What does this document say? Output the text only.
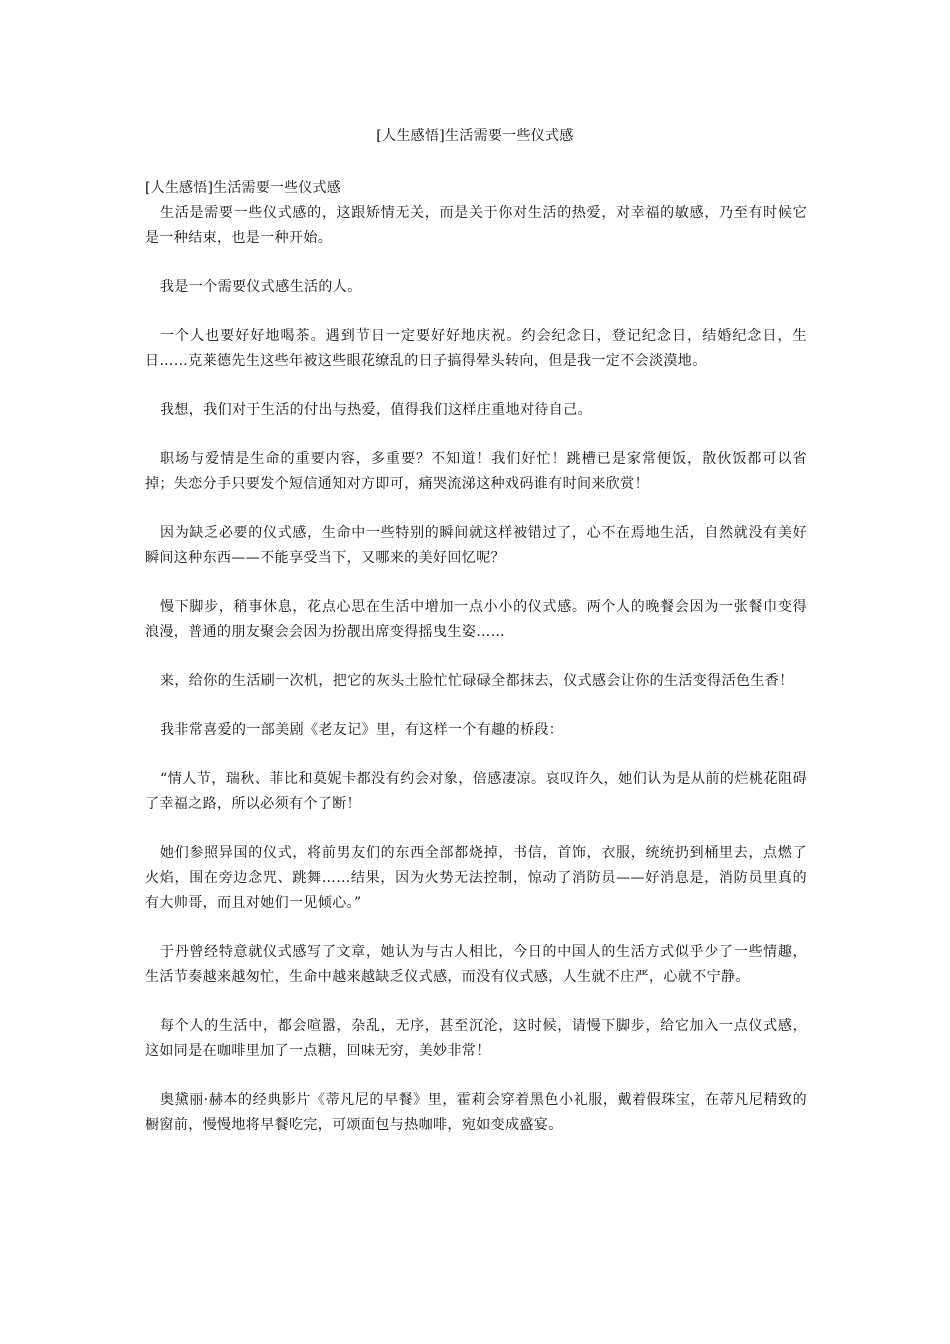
[人生感悟]生活需要一些仪式感

[人生感悟]生活需要一些仪式感

生活是需要一些仪式感的，这跟矫情无关，而是关于你对生活的热爱，对幸福的敏感，乃至有时候它是一种结束，也是一种开始。

我是一个需要仪式感生活的人。

一个人也要好好地喝茶。遇到节日一定要好好地庆祝。约会纪念日，登记纪念日，结婚纪念日，生日……克莱德先生这些年被这些眼花缭乱的日子搞得晕头转向，但是我一定不会淡漠地。

我想，我们对于生活的付出与热爱，值得我们这样庄重地对待自己。

职场与爱情是生命的重要内容，多重要？不知道！我们好忙！跳槽已是家常便饭，散伙饭都可以省掉；失恋分手只要发个短信通知对方即可，痛哭流涕这种戏码谁有时间来欣赏！

因为缺乏必要的仪式感，生命中一些特别的瞬间就这样被错过了，心不在焉地生活，自然就没有美好瞬间这种东西——不能享受当下，又哪来的美好回忆呢？

慢下脚步，稍事休息，花点心思在生活中增加一点小小的仪式感。两个人的晚餐会因为一张餐巾变得浪漫，普通的朋友聚会会因为扮靓出席变得摇曳生姿……

来，给你的生活刷一次机，把它的灰头土脸忙忙碌碌全都抹去，仪式感会让你的生活变得活色生香！

我非常喜爱的一部美剧《老友记》里，有这样一个有趣的桥段：

“情人节，瑞秋、菲比和莫妮卡都没有约会对象，倍感凄凉。哀叹许久，她们认为是从前的烂桃花阻碍了幸福之路，所以必须有个了断！

她们参照异国的仪式，将前男友们的东西全部都烧掉，书信，首饰，衣服，统统扔到桶里去，点燃了火焰，围在旁边念咒、跳舞……结果，因为火势无法控制，惊动了消防员——好消息是，消防员里真的有大帅哥，而且对她们一见倾心。”

于丹曾经特意就仪式感写了文章，她认为与古人相比，今日的中国人的生活方式似乎少了一些情趣，生活节奏越来越匆忙，生命中越来越缺乏仪式感，而没有仪式感，人生就不庄严，心就不宁静。

每个人的生活中，都会喧嚣，杂乱，无序，甚至沉沦，这时候，请慢下脚步，给它加入一点仪式感，这如同是在咖啡里加了一点糖，回味无穷，美妙非常！

奥黛丽·赫本的经典影片《蒂凡尼的早餐》里，霍莉会穿着黑色小礼服，戴着假珠宝，在蒂凡尼精致的橱窗前，慢慢地将早餐吃完，可颂面包与热咖啡，宛如变成盛宴。
